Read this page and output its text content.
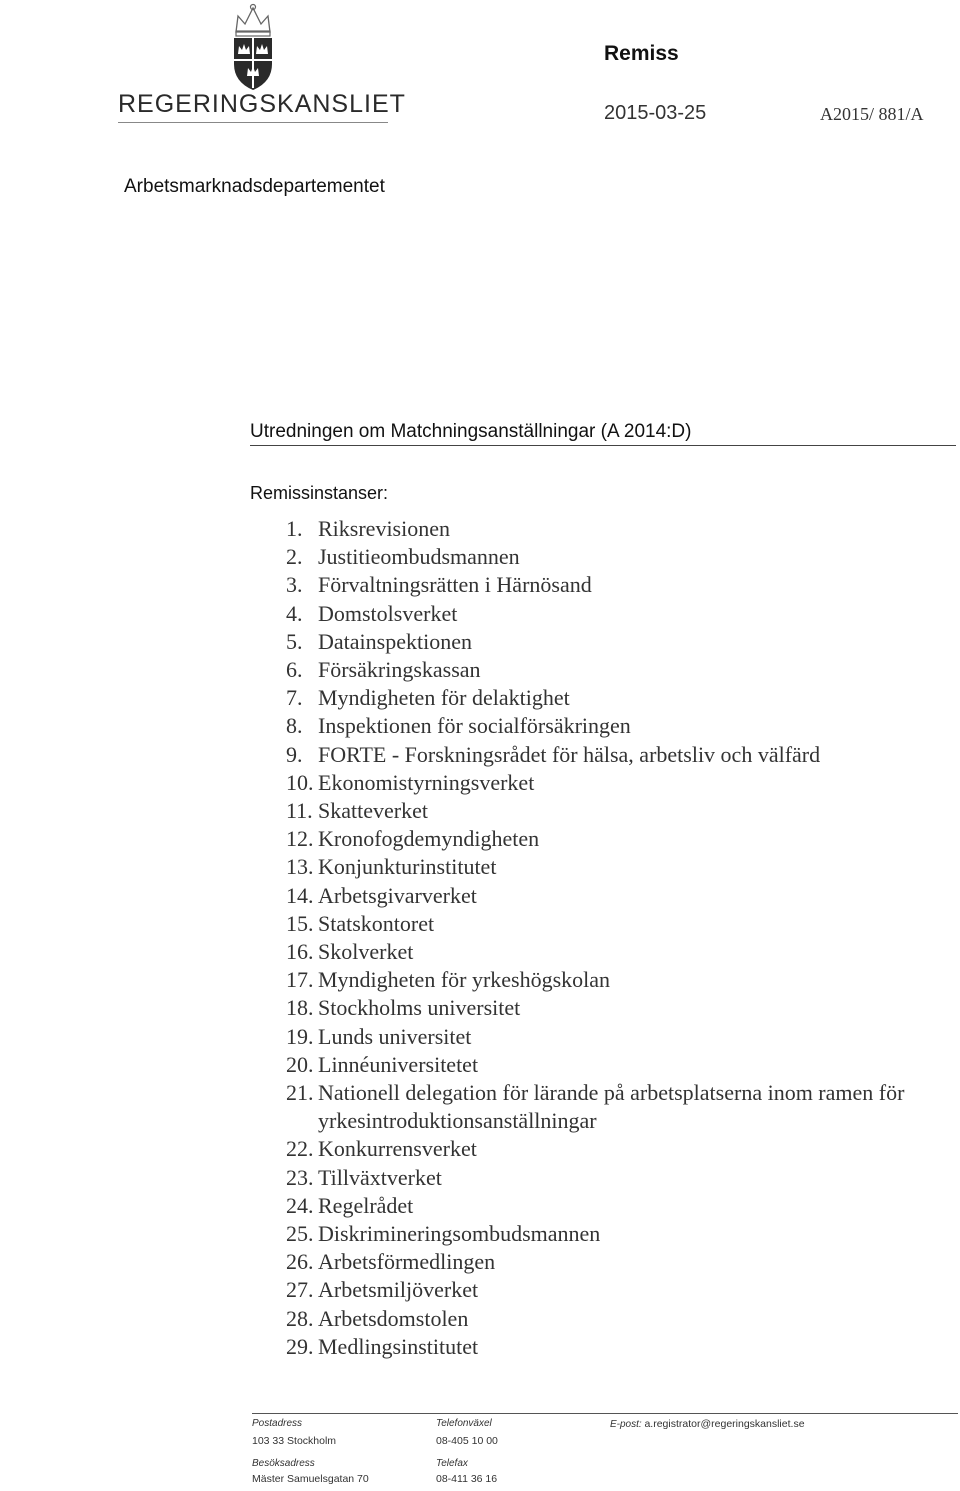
REGERINGSKANSLIET
Remiss
2015-03-25	A2015/ 881/A
Arbetsmarknadsdepartementet
Utredningen om Matchningsanställningar (A 2014:D)
Remissinstanser:
1. Riksrevisionen
2. Justitieombudsmannen
3. Förvaltningsrätten i Härnösand
4. Domstolsverket
5. Datainspektionen
6. Försäkringskassan
7. Myndigheten för delaktighet
8. Inspektionen för socialförsäkringen
9. FORTE - Forskningsrådet för hälsa, arbetsliv och välfärd
10. Ekonomistyrningsverket
11. Skatteverket
12. Kronofogdemyndigheten
13. Konjunkturinstitutet
14. Arbetsgivarverket
15. Statskontoret
16. Skolverket
17. Myndigheten för yrkeshögskolan
18. Stockholms universitet
19. Lunds universitet
20. Linnéuniversitetet
21. Nationell delegation för lärande på arbetsplatserna inom ramen för yrkesintroduktionsanställningar
22. Konkurrensverket
23. Tillväxtverket
24. Regelrådet
25. Diskrimineringsombudsmannen
26. Arbetsförmedlingen
27. Arbetsmiljöverket
28. Arbetsdomstolen
29. Medlingsinstitutet
Postadress
103 33 Stockholm
Besöksadress
Mäster Samuelsgatan 70
Telefonväxel
08-405 10 00
Telefax
08-411 36 16
E-post: a.registrator@regeringskansliet.se
